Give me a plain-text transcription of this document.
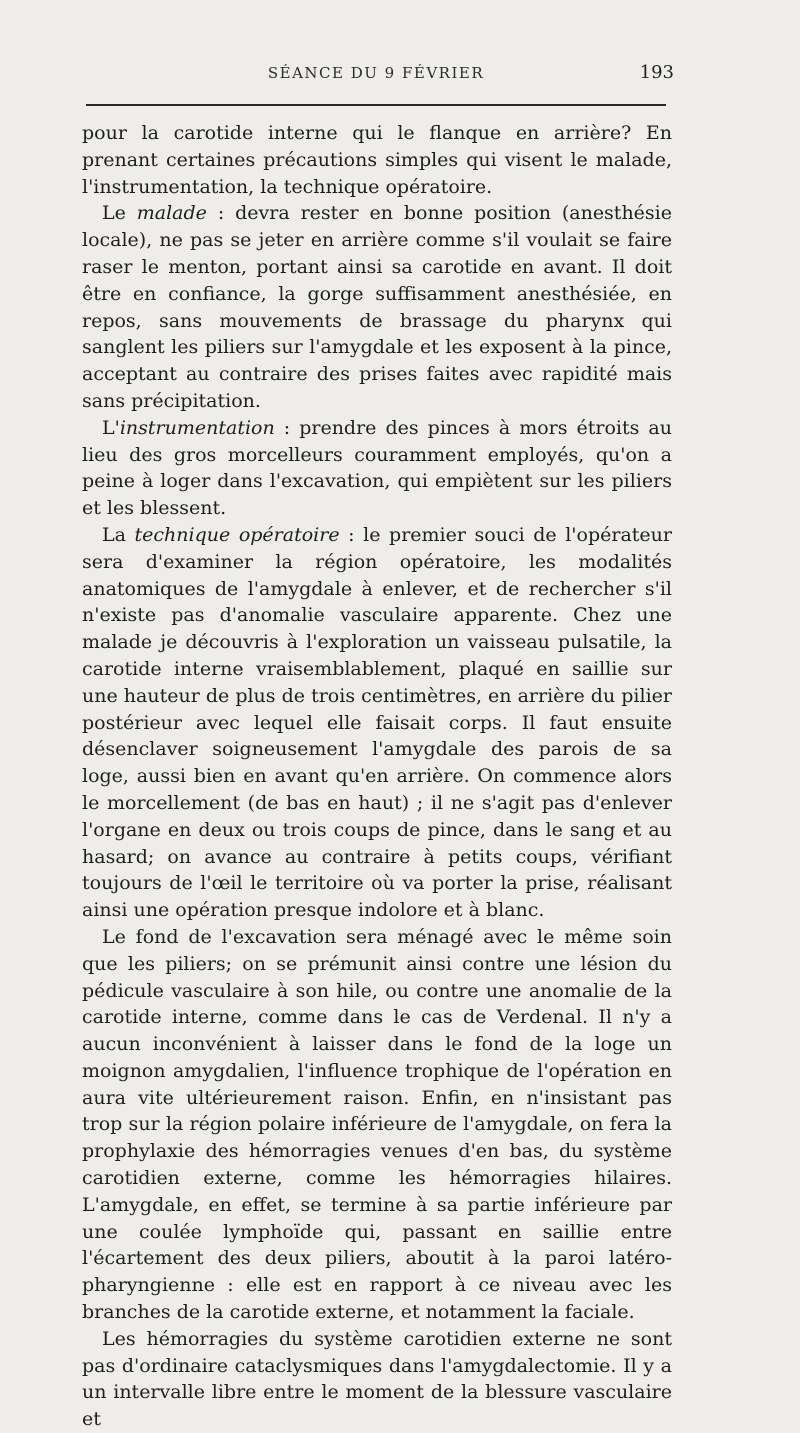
SÉANCE DU 9 FÉVRIER	193

pour la carotide interne qui le flanque en arrière? En prenant certaines précautions simples qui visent le malade, l'instrumentation, la technique opératoire.

Le malade : devra rester en bonne position (anesthésie locale), ne pas se jeter en arrière comme s'il voulait se faire raser le menton, portant ainsi sa carotide en avant. Il doit être en confiance, la gorge suffisamment anesthésiée, en repos, sans mouvements de brassage du pharynx qui sanglent les piliers sur l'amygdale et les exposent à la pince, acceptant au contraire des prises faites avec rapidité mais sans précipitation.

L'instrumentation : prendre des pinces à mors étroits au lieu des gros morcelleurs couramment employés, qu'on a peine à loger dans l'excavation, qui empiètent sur les piliers et les blessent.

La technique opératoire : le premier souci de l'opérateur sera d'examiner la région opératoire, les modalités anatomiques de l'amygdale à enlever, et de rechercher s'il n'existe pas d'anomalie vasculaire apparente. Chez une malade je découvris à l'exploration un vaisseau pulsatile, la carotide interne vraisemblablement, plaqué en saillie sur une hauteur de plus de trois centimètres, en arrière du pilier postérieur avec lequel elle faisait corps. Il faut ensuite désenclaver soigneusement l'amygdale des parois de sa loge, aussi bien en avant qu'en arrière. On commence alors le morcellement (de bas en haut) ; il ne s'agit pas d'enlever l'organe en deux ou trois coups de pince, dans le sang et au hasard; on avance au contraire à petits coups, vérifiant toujours de l'œil le territoire où va porter la prise, réalisant ainsi une opération presque indolore et à blanc.

Le fond de l'excavation sera ménagé avec le même soin que les piliers; on se prémunit ainsi contre une lésion du pédicule vasculaire à son hile, ou contre une anomalie de la carotide interne, comme dans le cas de Verdenal. Il n'y a aucun inconvénient à laisser dans le fond de la loge un moignon amygdalien, l'influence trophique de l'opération en aura vite ultérieurement raison. Enfin, en n'insistant pas trop sur la région polaire inférieure de l'amygdale, on fera la prophylaxie des hémorragies venues d'en bas, du système carotidien externe, comme les hémorragies hilaires. L'amygdale, en effet, se termine à sa partie inférieure par une coulée lymphoïde qui, passant en saillie entre l'écartement des deux piliers, aboutit à la paroi latéro-pharyngienne : elle est en rapport à ce niveau avec les branches de la carotide externe, et notamment la faciale.

Les hémorragies du système carotidien externe ne sont pas d'ordinaire cataclysmiques dans l'amygdalectomie. Il y a un intervalle libre entre le moment de la blessure vasculaire et
